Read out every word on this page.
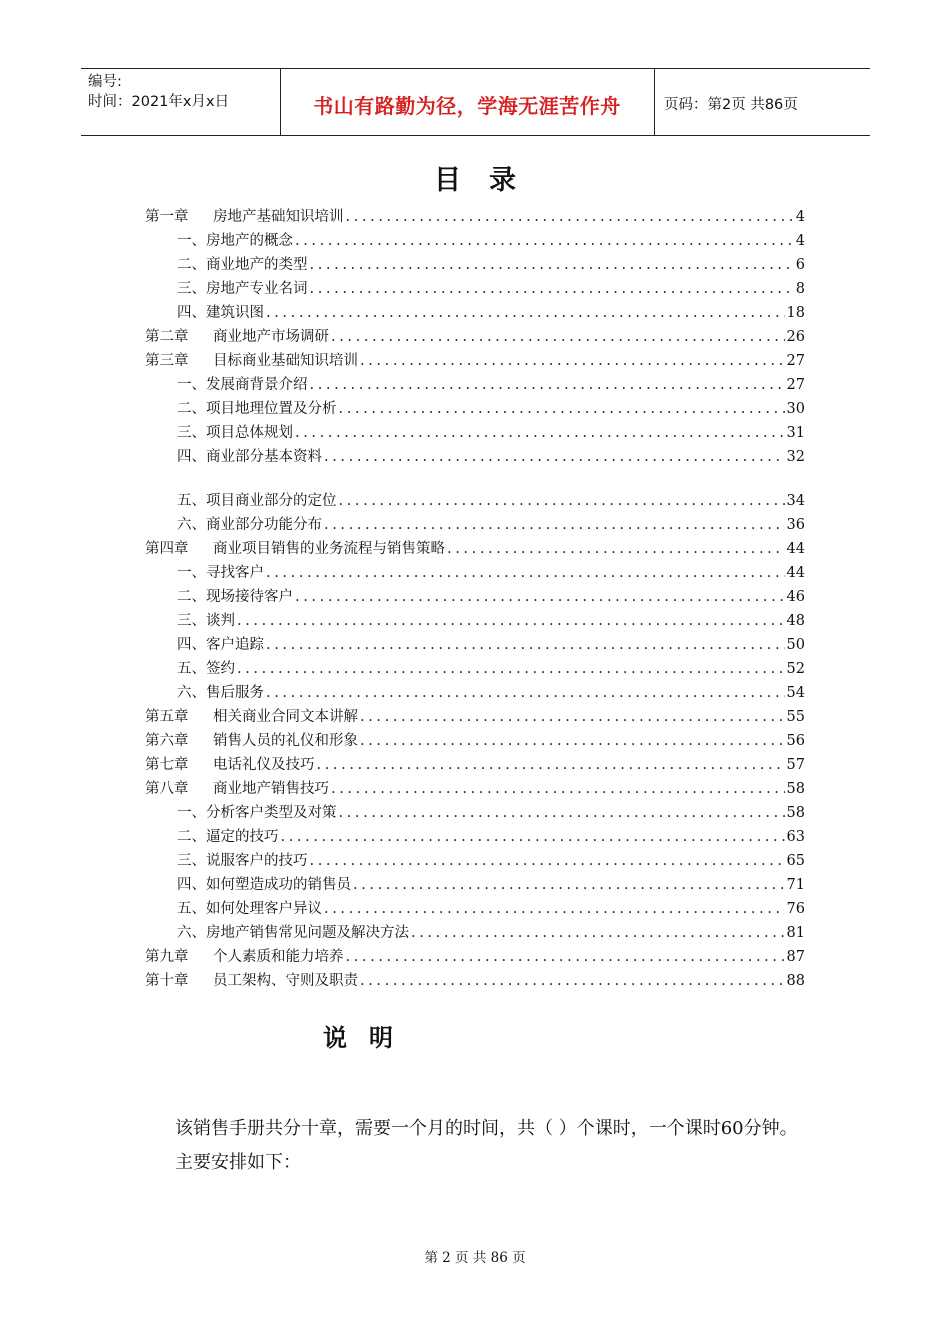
编号:
时间：2021年x月x日	书山有路勤为径，学海无涯苦作舟	页码：第2页 共86页
目录
第一章	房地产基础知识培训 .....	4
一、房地产的概念 .....	4
二、商业地产的类型 .....	6
三、房地产专业名词 .....	8
四、建筑识图 .....	18
第二章	商业地产市场调研 .....	26
第三章	目标商业基础知识培训 .....	27
一、发展商背景介绍 .....	27
二、项目地理位置及分析 .....	30
三、项目总体规划 .....	31
四、商业部分基本资料 .....	32
五、项目商业部分的定位 .....	34
六、商业部分功能分布 .....	36
第四章	商业项目销售的业务流程与销售策略 .....	44
一、寻找客户 .....	44
二、现场接待客户 .....	46
三、谈判 .....	48
四、客户追踪 .....	50
五、签约 .....	52
六、售后服务 .....	54
第五章	相关商业合同文本讲解 .....	55
第六章	销售人员的礼仪和形象 .....	56
第七章	电话礼仪及技巧 .....	57
第八章	商业地产销售技巧 .....	58
一、分析客户类型及对策 .....	58
二、逼定的技巧 .....	63
三、说服客户的技巧 .....	65
四、如何塑造成功的销售员 .....	71
五、如何处理客户异议 .....	76
六、房地产销售常见问题及解决方法 .....	81
第九章	个人素质和能力培养 .....	87
第十章	员工架构、守则及职责 .....	88
说明
该销售手册共分十章，需要一个月的时间，共（ ）个课时，一个课时60分钟。主要安排如下：
第 2 页 共 86 页
